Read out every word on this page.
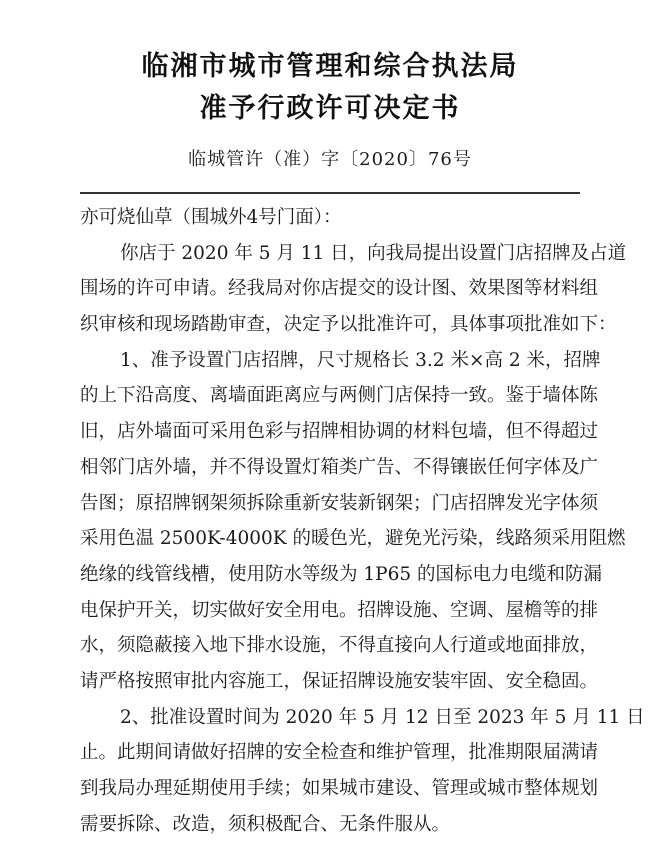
临湘市城市管理和综合执法局
准予行政许可决定书
临城管许（准）字〔2020〕76号
亦可烧仙草（围城外4号门面）：
你店于 2020 年 5 月 11 日，向我局提出设置门店招牌及占道
围场的许可申请。经我局对你店提交的设计图、效果图等材料组
织审核和现场踏勘审查，决定予以批准许可，具体事项批准如下：
1、准予设置门店招牌，尺寸规格长 3.2 米×高 2 米，招牌
的上下沿高度、离墙面距离应与两侧门店保持一致。鉴于墙体陈
旧，店外墙面可采用色彩与招牌相协调的材料包墙，但不得超过
相邻门店外墙，并不得设置灯箱类广告、不得镶嵌任何字体及广
告图；原招牌钢架须拆除重新安装新钢架；门店招牌发光字体须
采用色温 2500K-4000K 的暖色光，避免光污染，线路须采用阻燃
绝缘的线管线槽，使用防水等级为 1P65 的国标电力电缆和防漏
电保护开关，切实做好安全用电。招牌设施、空调、屋檐等的排
水，须隐蔽接入地下排水设施，不得直接向人行道或地面排放，
请严格按照审批内容施工，保证招牌设施安装牢固、安全稳固。
2、批准设置时间为 2020 年 5 月 12 日至 2023 年 5 月 11 日
止。此期间请做好招牌的安全检查和维护管理，批准期限届满请
到我局办理延期使用手续；如果城市建设、管理或城市整体规划
需要拆除、改造，须积极配合、无条件服从。
